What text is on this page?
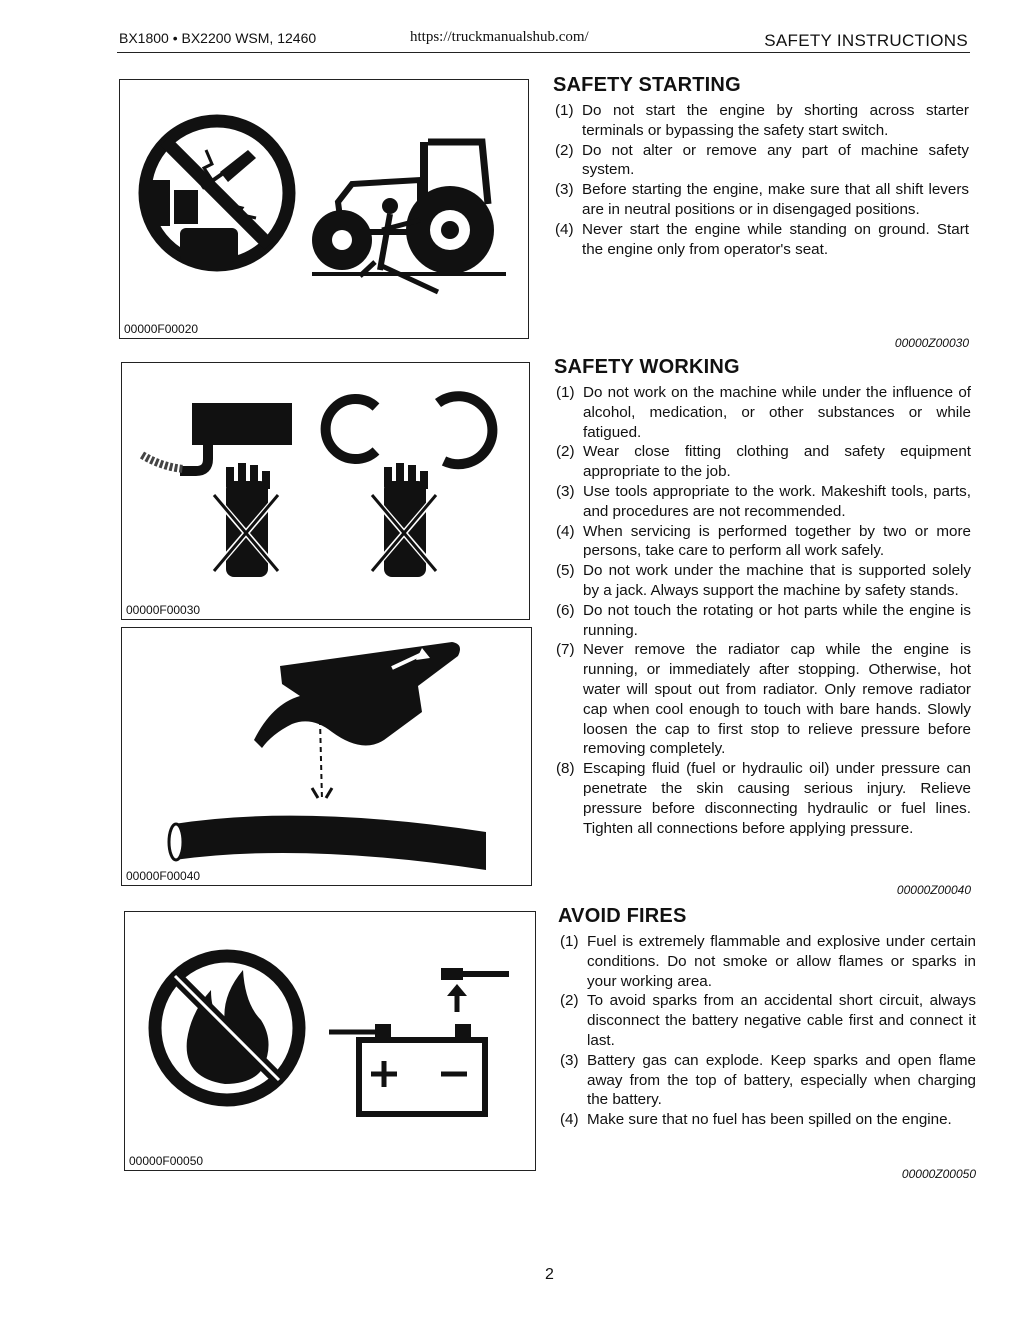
BX1800 • BX2200 WSM, 12460	https://truckmanualshub.com/	SAFETY INSTRUCTIONS
00000F00020
00000F00030
00000F00040
00000F00050
SAFETY STARTING
(1) Do not start the engine by shorting across starter terminals or bypassing the safety start switch.
(2) Do not alter or remove any part of machine safety system.
(3) Before starting the engine, make sure that all shift levers are in neutral positions or in disengaged positions.
(4) Never start the engine while standing on ground. Start the engine only from operator's seat.
00000Z00030
SAFETY WORKING
(1) Do not work on the machine while under the influence of alcohol, medication, or other substances or while fatigued.
(2) Wear close fitting clothing and safety equipment appropriate to the job.
(3) Use tools appropriate to the work. Makeshift tools, parts, and procedures are not recommended.
(4) When servicing is performed together by two or more persons, take care to perform all work safely.
(5) Do not work under the machine that is supported solely by a jack. Always support the machine by safety stands.
(6) Do not touch the rotating or hot parts while the engine is running.
(7) Never remove the radiator cap while the engine is running, or immediately after stopping. Otherwise, hot water will spout out from radiator. Only remove radiator cap when cool enough to touch with bare hands. Slowly loosen the cap to first stop to relieve pressure before removing completely.
(8) Escaping fluid (fuel or hydraulic oil) under pressure can penetrate the skin causing serious injury. Relieve pressure before disconnecting hydraulic or fuel lines. Tighten all connections before applying pressure.
00000Z00040
AVOID FIRES
(1) Fuel is extremely flammable and explosive under certain conditions. Do not smoke or allow flames or sparks in your working area.
(2) To avoid sparks from an accidental short circuit, always disconnect the battery negative cable first and connect it last.
(3) Battery gas can explode. Keep sparks and open flame away from the top of battery, especially when charging the battery.
(4) Make sure that no fuel has been spilled on the engine.
00000Z00050
2
